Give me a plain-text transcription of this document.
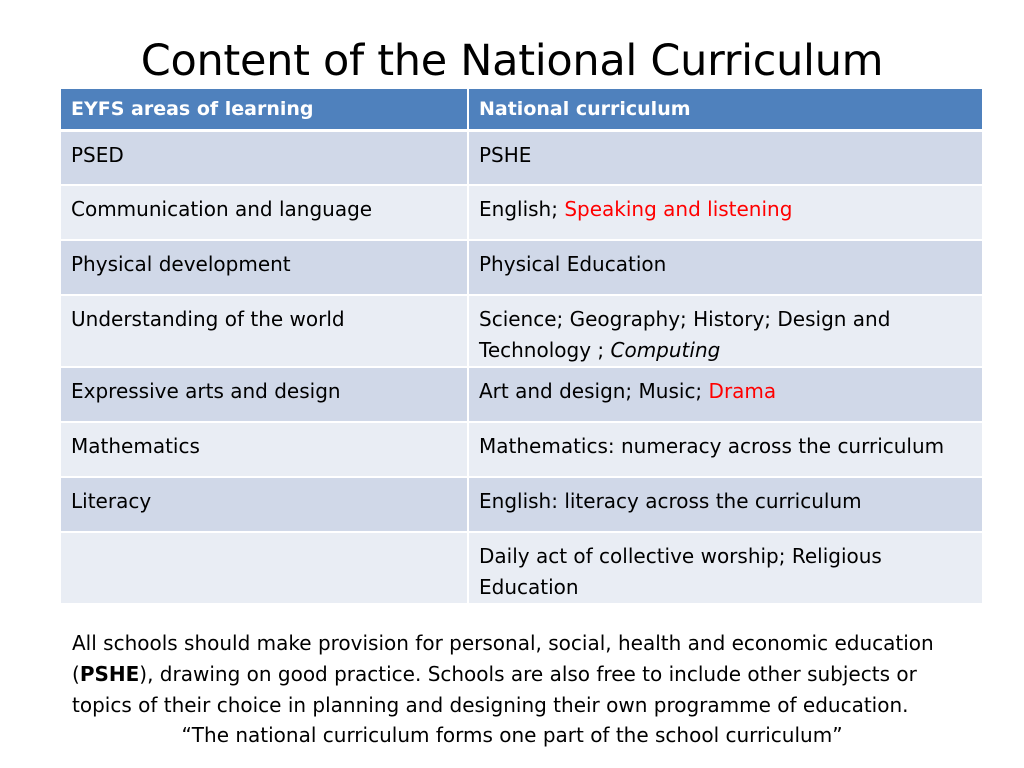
Content of the National Curriculum
EYFS areas of learning	National curriculum
PSED	PSHE
Communication and language	English; Speaking and listening
Physical development	Physical Education
Understanding of the world	Science; Geography; History; Design and Technology ; Computing
Expressive arts and design	Art and design; Music; Drama
Mathematics	Mathematics: numeracy across the curriculum
Literacy	English: literacy across the curriculum
	Daily act of collective worship; Religious Education
All schools should make provision for personal, social, health and economic education (PSHE), drawing on good practice. Schools are also free to include other subjects or topics of their choice in planning and designing their own programme of education.
“The national curriculum forms one part of the school curriculum”
